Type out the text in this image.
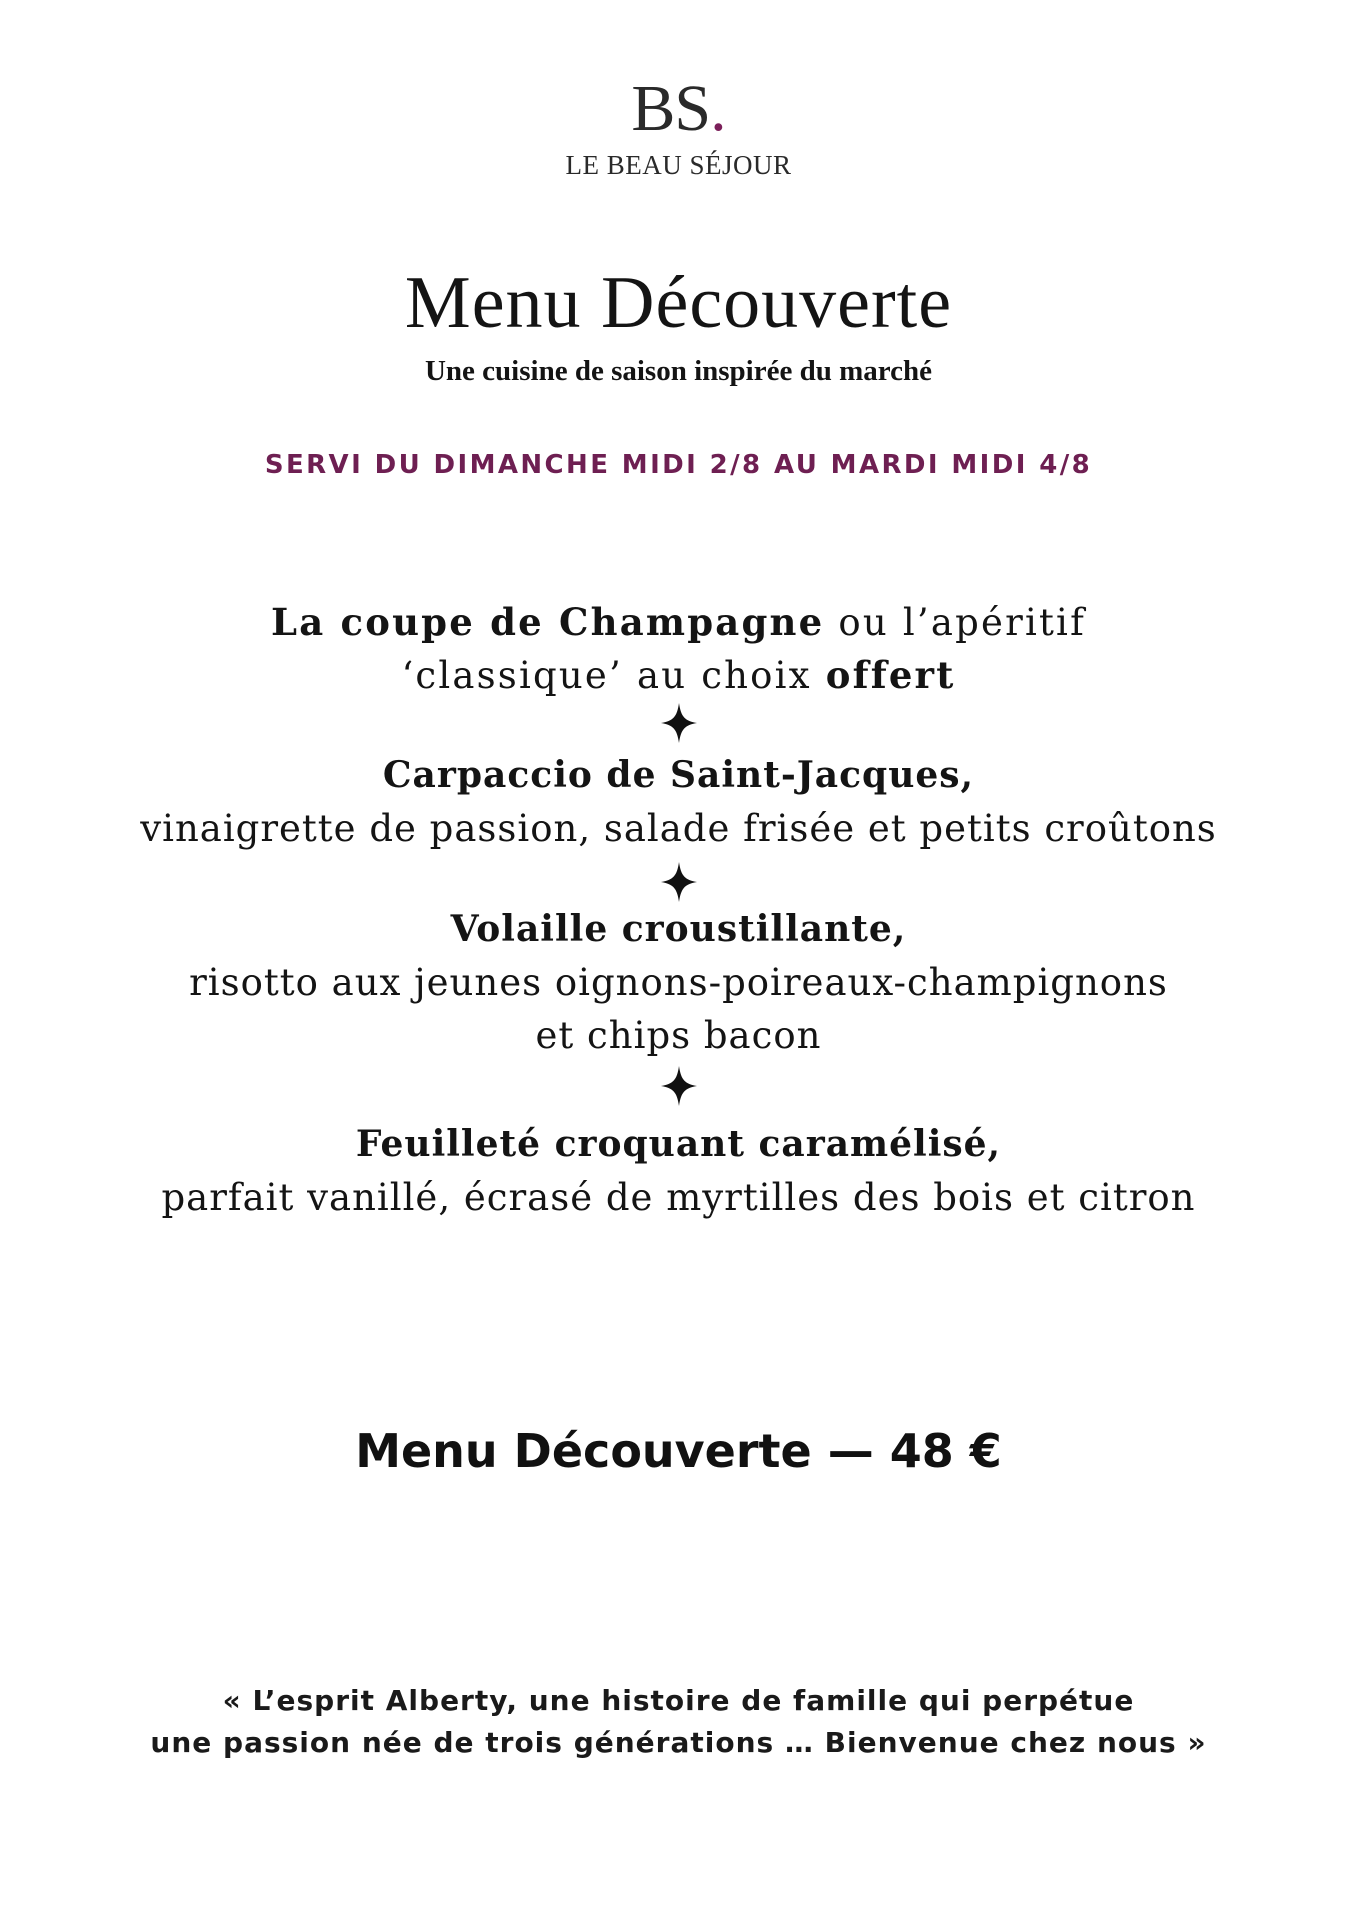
BS.
LE BEAU SÉJOUR
Menu Découverte
Une cuisine de saison inspirée du marché
SERVI DU DIMANCHE MIDI 2/8 AU MARDI MIDI 4/8
La coupe de Champagne ou l’apéritif
‘classique’ au choix offert
Carpaccio de Saint-Jacques,
vinaigrette de passion, salade frisée et petits croûtons
Volaille croustillante,
risotto aux jeunes oignons-poireaux-champignons
et chips bacon
Feuilleté croquant caramélisé,
parfait vanillé, écrasé de myrtilles des bois et citron
Menu Découverte — 48 €
« L’esprit Alberty, une histoire de famille qui perpétue
une passion née de trois générations … Bienvenue chez nous »
